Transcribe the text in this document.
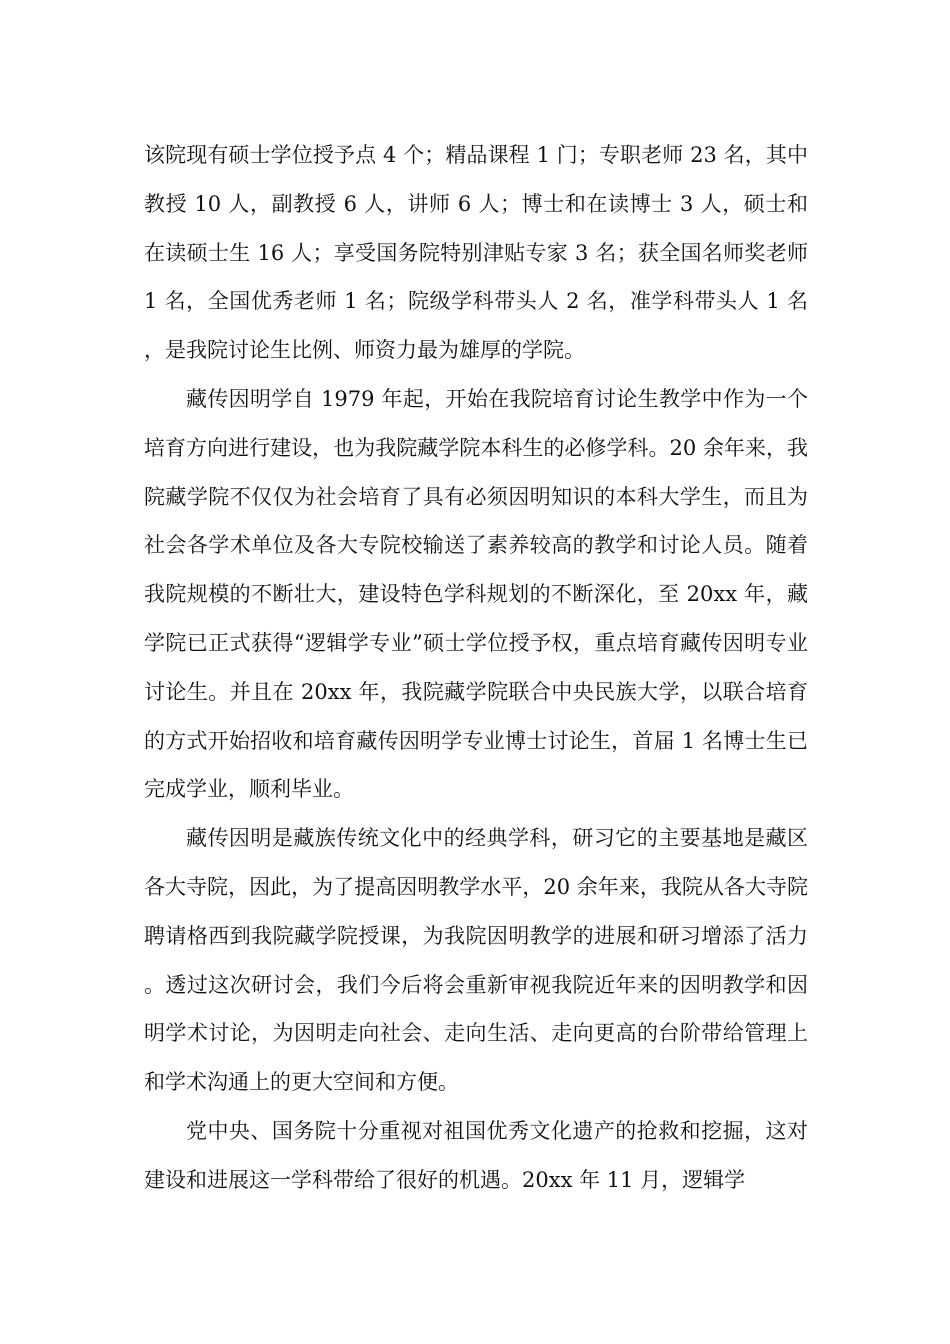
该院现有硕士学位授予点 4 个；精品课程 1 门；专职老师 23 名，其中教授 10 人，副教授 6 人，讲师 6 人；博士和在读博士 3 人，硕士和在读硕士生 16 人；享受国务院特别津贴专家 3 名；获全国名师奖老师 1 名，全国优秀老师 1 名；院级学科带头人 2 名，准学科带头人 1 名，是我院讨论生比例、师资力最为雄厚的学院。

藏传因明学自 1979 年起，开始在我院培育讨论生教学中作为一个培育方向进行建设，也为我院藏学院本科生的必修学科。20 余年来，我院藏学院不仅仅为社会培育了具有必须因明知识的本科大学生，而且为社会各学术单位及各大专院校输送了素养较高的教学和讨论人员。随着我院规模的不断壮大，建设特色学科规划的不断深化，至 20xx 年，藏学院已正式获得“逻辑学专业”硕士学位授予权，重点培育藏传因明专业讨论生。并且在 20xx 年，我院藏学院联合中央民族大学，以联合培育的方式开始招收和培育藏传因明学专业博士讨论生，首届 1 名博士生已完成学业，顺利毕业。

藏传因明是藏族传统文化中的经典学科，研习它的主要基地是藏区各大寺院，因此，为了提高因明教学水平，20 余年来，我院从各大寺院聘请格西到我院藏学院授课，为我院因明教学的进展和研习增添了活力。透过这次研讨会，我们今后将会重新审视我院近年来的因明教学和因明学术讨论，为因明走向社会、走向生活、走向更高的台阶带给管理上和学术沟通上的更大空间和方便。

党中央、国务院十分重视对祖国优秀文化遗产的抢救和挖掘，这对建设和进展这一学科带给了很好的机遇。20xx 年 11 月，逻辑学
